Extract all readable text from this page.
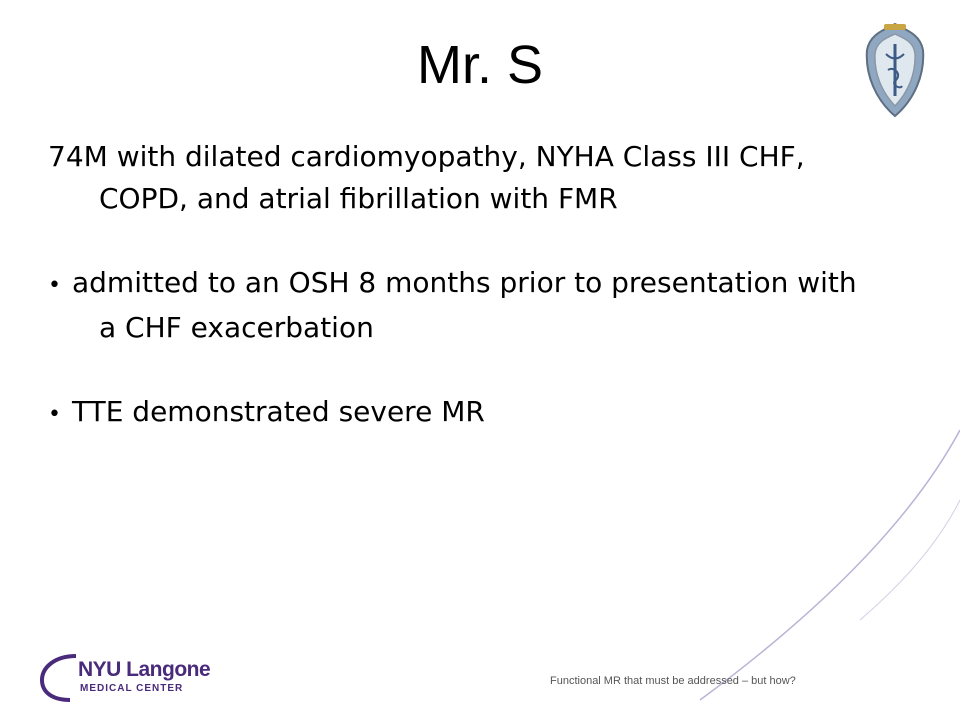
Mr. S

74M with dilated cardiomyopathy, NYHA Class III CHF, COPD, and atrial fibrillation with FMR

• admitted to an OSH 8 months prior to presentation with a CHF exacerbation

• TTE demonstrated severe MR

NYU Langone
MEDICAL CENTER
Functional MR that must be addressed – but how?
